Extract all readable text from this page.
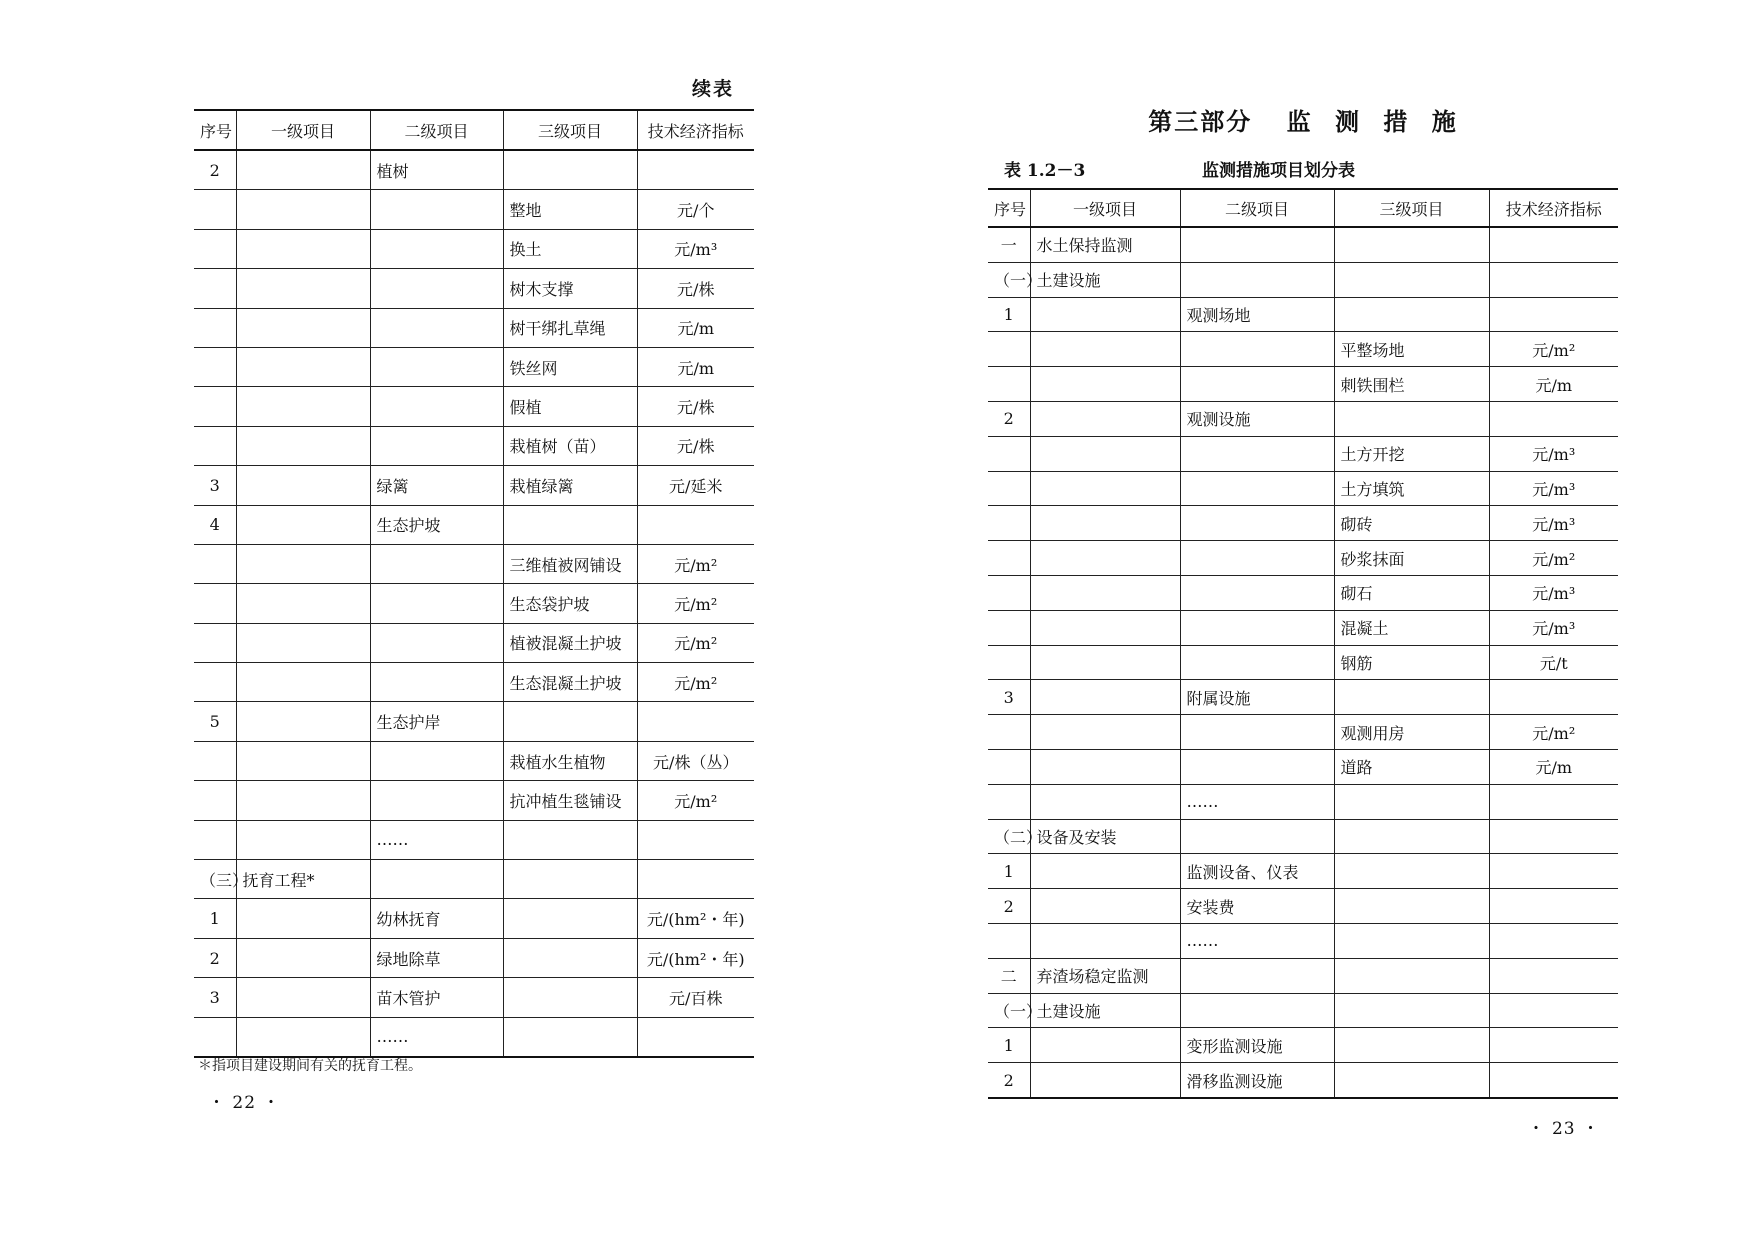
续表
序号	一级项目	二级项目	三级项目	技术经济指标
2		植树		
			整地	元/个
			换土	元/m³
			树木支撑	元/株
			树干绑扎草绳	元/m
			铁丝网	元/m
			假植	元/株
			栽植树（苗）	元/株
3		绿篱	栽植绿篱	元/延米
4		生态护坡		
			三维植被网铺设	元/m²
			生态袋护坡	元/m²
			植被混凝土护坡	元/m²
			生态混凝土护坡	元/m²
5		生态护岸		
			栽植水生植物	元/株（丛）
			抗冲植生毯铺设	元/m²
		……		
（三）	抚育工程*			
1		幼林抚育		元/(hm²・年)
2		绿地除草		元/(hm²・年)
3		苗木管护		元/百株
		……		
＊指项目建设期间有关的抚育工程。
・ 22 ・
第三部分 监 测 措 施
表 1.2－3	监测措施项目划分表
序号	一级项目	二级项目	三级项目	技术经济指标
一	水土保持监测			
（一）	土建设施			
1		观测场地		
			平整场地	元/m²
			刺铁围栏	元/m
2		观测设施		
			土方开挖	元/m³
			土方填筑	元/m³
			砌砖	元/m³
			砂浆抹面	元/m²
			砌石	元/m³
			混凝土	元/m³
			钢筋	元/t
3		附属设施		
			观测用房	元/m²
			道路	元/m
		……		
（二）	设备及安装			
1		监测设备、仪表		
2		安装费		
		……		
二	弃渣场稳定监测			
（一）	土建设施			
1		变形监测设施		
2		滑移监测设施		
・ 23 ・
